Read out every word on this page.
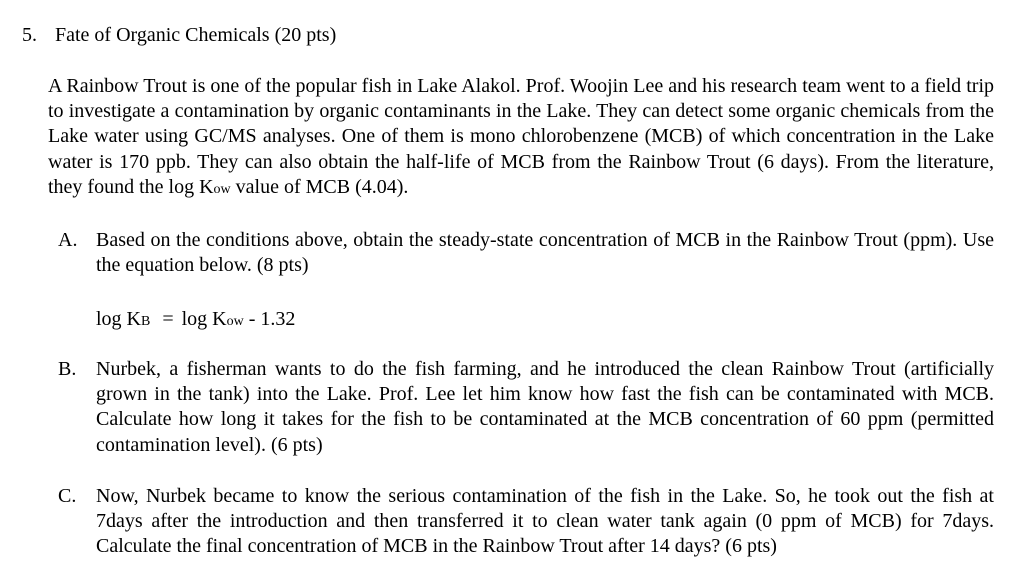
5. Fate of Organic Chemicals (20 pts)
A Rainbow Trout is one of the popular fish in Lake Alakol. Prof. Woojin Lee and his research team went to a field trip to investigate a contamination by organic contaminants in the Lake. They can detect some organic chemicals from the Lake water using GC/MS analyses. One of them is mono chlorobenzene (MCB) of which concentration in the Lake water is 170 ppb. They can also obtain the half-life of MCB from the Rainbow Trout (6 days). From the literature, they found the log Kow value of MCB (4.04).
A. Based on the conditions above, obtain the steady-state concentration of MCB in the Rainbow Trout (ppm). Use the equation below. (8 pts)
log KB = log Kow - 1.32
B. Nurbek, a fisherman wants to do the fish farming, and he introduced the clean Rainbow Trout (artificially grown in the tank) into the Lake. Prof. Lee let him know how fast the fish can be contaminated with MCB. Calculate how long it takes for the fish to be contaminated at the MCB concentration of 60 ppm (permitted contamination level). (6 pts)
C. Now, Nurbek became to know the serious contamination of the fish in the Lake. So, he took out the fish at 7days after the introduction and then transferred it to clean water tank again (0 ppm of MCB) for 7days. Calculate the final concentration of MCB in the Rainbow Trout after 14 days? (6 pts)
